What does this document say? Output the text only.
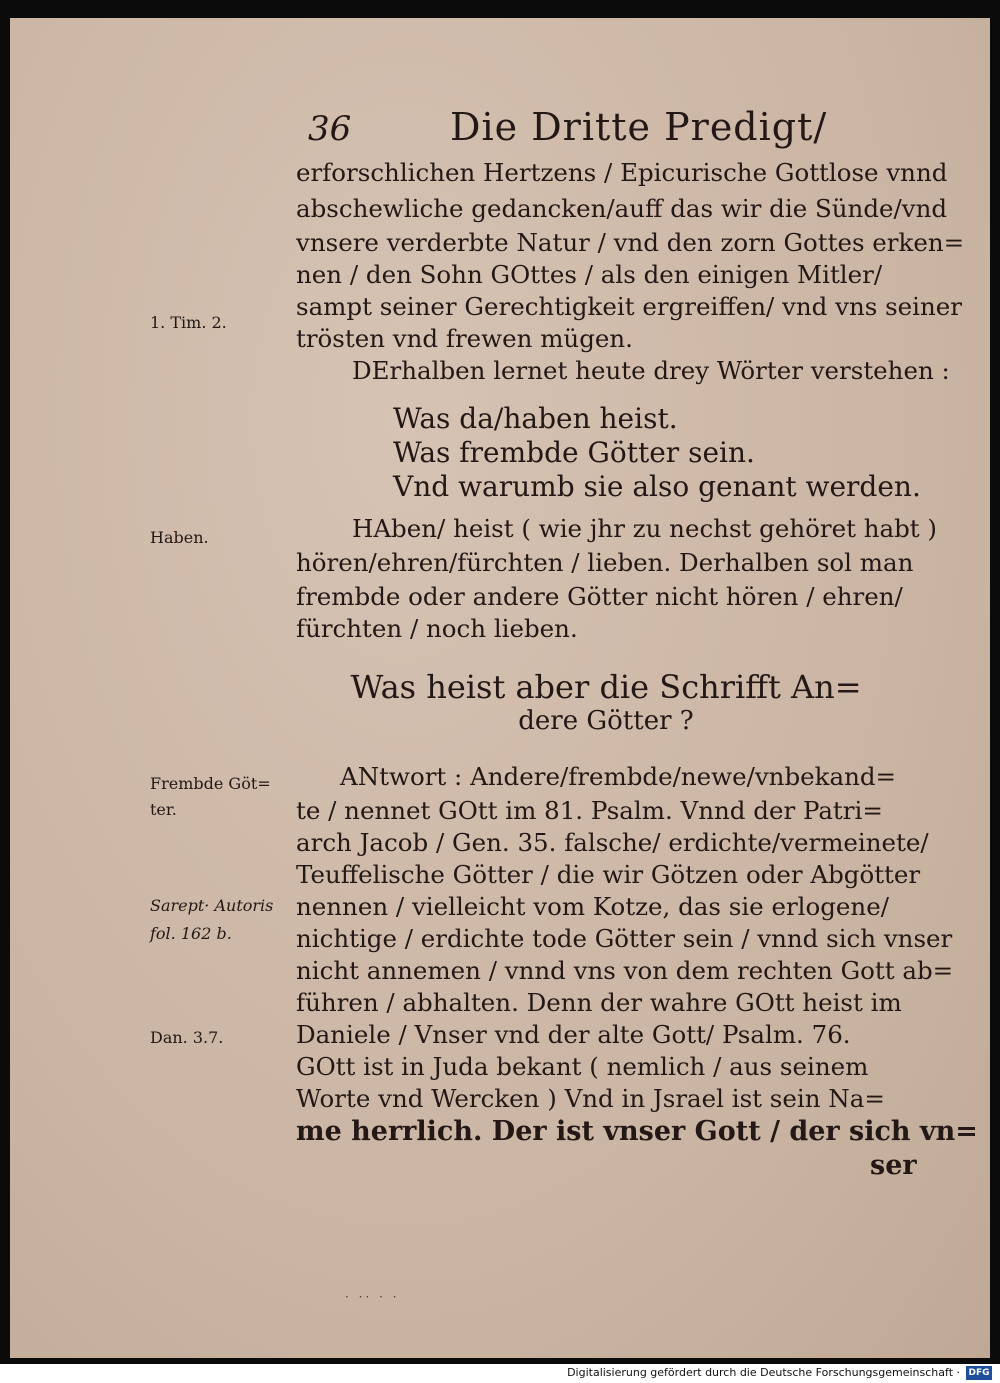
36	Die Dritte Predigt/
erforschlichen Hertzens / Epicurische Gottlose vnnd
abschewliche gedancken/auff das wir die Sünde/vnd
vnsere verderbte Natur / vnd den zorn Gottes erken=
nen / den Sohn GOttes / als den einigen Mitler/
sampt seiner Gerechtigkeit ergreiffen/ vnd vns seiner
trösten vnd frewen mügen.
DErhalben lernet heute drey Wörter verstehen :
1. Tim. 2.
Was da/haben heist.
Was frembde Götter sein.
Vnd warumb sie also genant werden.
HAben/ heist ( wie jhr zu nechst gehöret habt )
hören/ehren/fürchten / lieben. Derhalben sol man
frembde oder andere Götter nicht hören / ehren/
fürchten / noch lieben.
Haben.
Was heist aber die Schrifft An=
dere Götter ?
ANtwort : Andere/frembde/newe/vnbekand=
te / nennet GOtt im 81. Psalm. Vnnd der Patri=
arch Jacob / Gen. 35. falsche/ erdichte/vermeinete/
Teuffelische Götter / die wir Götzen oder Abgötter
nennen / vielleicht vom Kotze, das sie erlogene/
nichtige / erdichte tode Götter sein / vnnd sich vnser
nicht annemen / vnnd vns von dem rechten Gott ab=
führen / abhalten. Denn der wahre GOtt heist im
Daniele / Vnser vnd der alte Gott/ Psalm. 76.
GOtt ist in Juda bekant ( nemlich / aus seinem
Worte vnd Wercken ) Vnd in Jsrael ist sein Na=
me herrlich. Der ist vnser Gott / der sich vn=
ser
Frembde Göt=
ter.
Sarept· Autoris
fol. 162 b.
Dan. 3.7.
· ·· · ·
Digitalisierung gefördert durch die Deutsche Forschungsgemeinschaft · DFG
